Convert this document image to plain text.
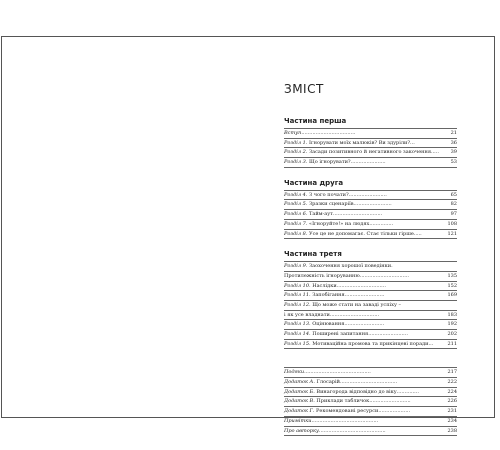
ЗМІСТ
Частина перша
Вступ..................................	21
Розділ 1. Ігнорувати моїх малюків? Ви здуріли?...	36
Розділ 2. Засади позитивного й негативного закочення.....	39
Розділ 3. Що ігнорувати?......................	53
Частина друга
Розділ 4. З чого почати?........................	65
Розділ 5. Зразки сценаріїв........................	82
Розділ 6. Тайм-аут...............................	97
Розділ 7. «Ігноруйте!» на людях...............	108
Розділ 8. Усе це не допомагає. Стає тільки гірше.....	121
Частина третя
Розділ 9. Заохочення хорошої поведінки.
Протилежність ігноруванню...............................	135
Розділ 10. Наслідки...............................	152
Розділ 11. Запобігання.........................	169
Розділ 12. Що може стати на заваді успіху –
і як усе владнати...............................	183
Розділ 13. Оцінювання.........................	192
Розділ 14. Поширені запитання.........................	202
Розділ 15. Мотиваційна промова та прикінцеві поради...	211
Подяки..........................................	217
Додаток А. Глосарій....................................	222
Додаток Б. Винагорода відповідно до віку..............	224
Додаток В. Приклади табличок..........................	226
Додаток Г. Рекомендовані ресурси....................	231
Примітки..........................................	234
Про авторку..........................................	238
